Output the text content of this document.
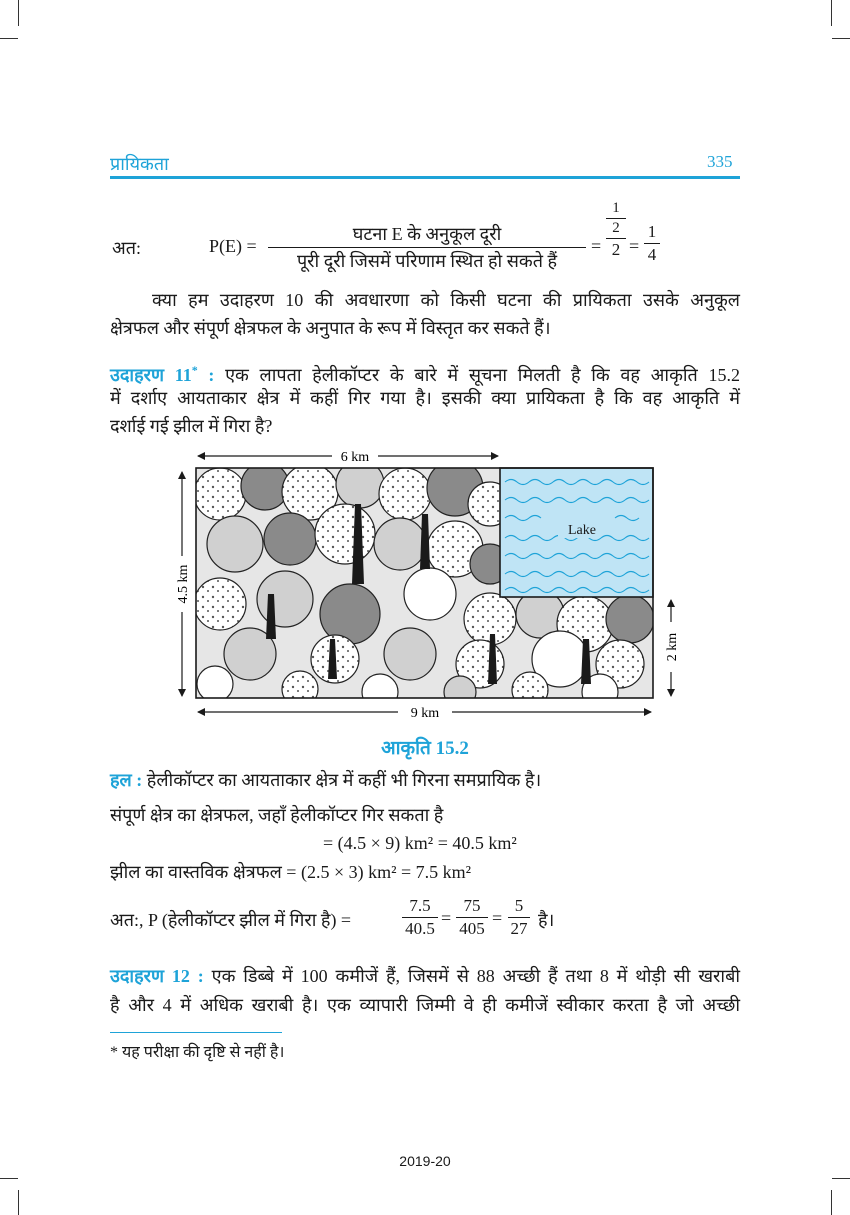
प्रायिकता	335
अत:	P(E) =
घटना E के अनुकूल दूरी
पूरी दूरी जिसमें परिणाम स्थित हो सकते हैं
=
1
2
2 =
1
4
क्या हम उदाहरण 10 की अवधारणा को किसी घटना की प्रायिकता उसके अनुकूल
क्षेत्रफल और संपूर्ण क्षेत्रफल के अनुपात के रूप में विस्तृत कर सकते हैं।
उदाहरण 11* : एक लापता हेलीकॉप्टर के बारे में सूचना मिलती है कि वह आकृति 15.2
में दर्शाए आयताकार क्षेत्र में कहीं गिर गया है। इसकी क्या प्रायिकता है कि वह आकृति में
दर्शाई गई झील में गिरा है?
Lake
6 km
4.5 km
2 km
9 km
आकृति 15.2
हल : हेलीकॉप्टर का आयताकार क्षेत्र में कहीं भी गिरना समप्रायिक है।
संपूर्ण क्षेत्र का क्षेत्रफल, जहाँ हेलीकॉप्टर गिर सकता है
= (4.5 × 9) km² = 40.5 km²
झील का वास्तविक क्षेत्रफल = (2.5 × 3) km² = 7.5 km²
अत:, P (हेलीकॉप्टर झील में गिरा है) =
7.5
40.5
=
75
405
=
5
27 है।
उदाहरण 12 : एक डिब्बे में 100 कमीजें हैं, जिसमें से 88 अच्छी हैं तथा 8 में थोड़ी सी खराबी
है और 4 में अधिक खराबी है। एक व्यापारी जिम्मी वे ही कमीजें स्वीकार करता है जो अच्छी
* यह परीक्षा की दृष्टि से नहीं है।
2019-20
